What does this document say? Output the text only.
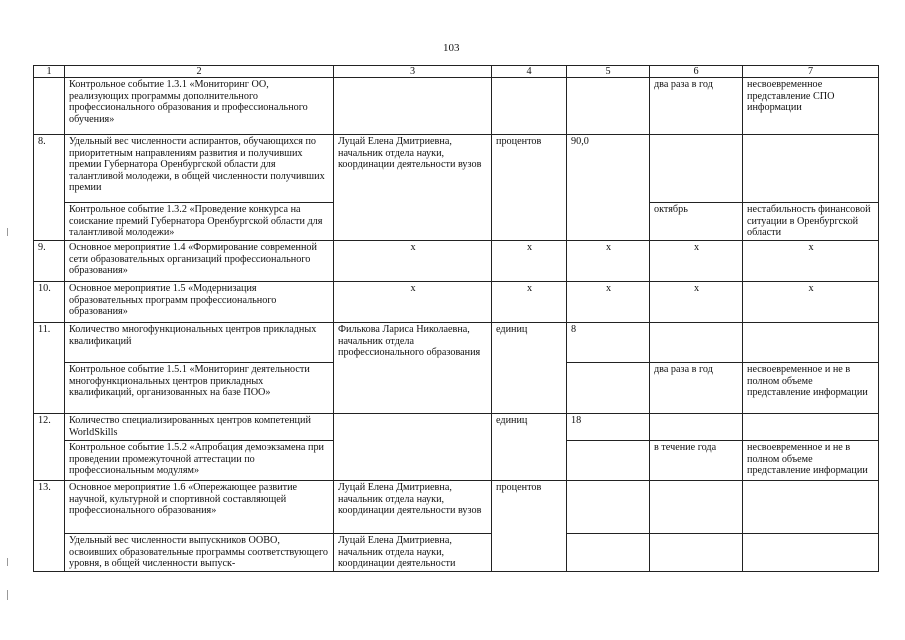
103
1	2	3	4	5	6	7
	Контрольное событие 1.3.1 «Мониторинг ОО, реализующих программы дополнительного профессионального образования и профессионального обучения»				два раза в год	несвоевременное представление СПО информации
8.	Удельный вес численности аспирантов, обучающихся по приоритетным направлениям развития и получивших премии Губернатора Оренбургской области для талантливой молодежи, в общей численности получивших премии	Луцай Елена Дмитриевна, начальник отдела науки, координации деятельности вузов	процентов	90,0		
	Контрольное событие 1.3.2 «Проведение конкурса на соискание премий Губернатора Оренбургской области для талантливой молодежи»				октябрь	нестабильность финансовой ситуации в Оренбургской области
9.	Основное мероприятие 1.4 «Формирование современной сети образовательных организаций профессионального образования»	x	x	x	x	x
10.	Основное мероприятие 1.5 «Модернизация образовательных программ профессионального образования»	x	x	x	x	x
11.	Количество многофункциональных центров прикладных квалификаций	Филькова Лариса Николаевна, начальник отдела профессионального образования	единиц	8		
	Контрольное событие 1.5.1 «Мониторинг деятельности многофункциональных центров прикладных квалификаций, организованных на базе ПОО»				два раза в год	несвоевременное и не в полном объеме представление информации
12.	Количество специализированных центров компетенций WorldSkills		единиц	18		
	Контрольное событие 1.5.2 «Апробация демоэкзамена при проведении промежуточной аттестации по профессиональным модулям»				в течение года	несвоевременное и не в полном объеме представление информации
13.	Основное мероприятие 1.6 «Опережающее развитие научной, культурной и спортивной составляющей профессионального образования»	Луцай Елена Дмитриевна, начальник отдела науки, координации деятельности вузов	процентов			
	Удельный вес численности выпускников ООВО, освоивших образовательные программы соответствующего уровня, в общей численности выпуск-	Луцай Елена Дмитриевна, начальник отдела науки, координации деятельности				
